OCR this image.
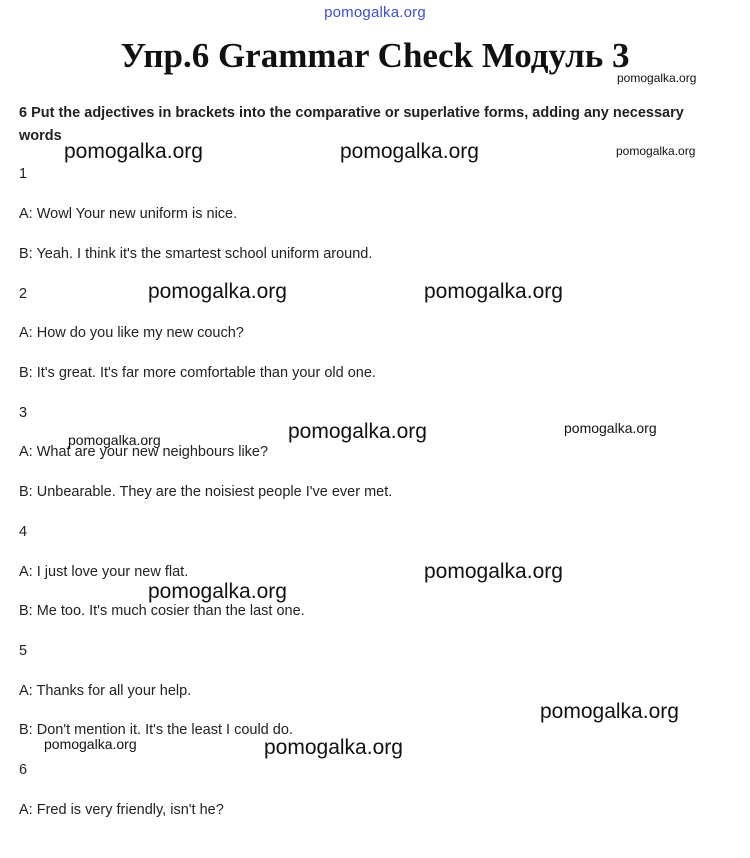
pomogalka.org
Упр.6 Grammar Check Модуль 3
6 Put the adjectives in brackets into the comparative or superlative forms, adding any necessary words
1
A: Wowl Your new uniform is nice.
B: Yeah. I think it's the smartest school uniform around.
2
A: How do you like my new couch?
B: It's great. It's far more comfortable than your old one.
3
A: What are your new neighbours like?
B: Unbearable. They are the noisiest people I've ever met.
4
A: I just love your new flat.
B: Me too. It's much cosier than the last one.
5
A: Thanks for all your help.
B: Don't mention it. It's the least I could do.
6
A: Fred is very friendly, isn't he?
pomogalka.org
pomogalka.org	pomogalka.org	pomogalka.org
pomogalka.org	pomogalka.org
pomogalka.org	pomogalka.org
pomogalka.org
pomogalka.org
pomogalka.org
pomogalka.org
pomogalka.org	pomogalka.org
